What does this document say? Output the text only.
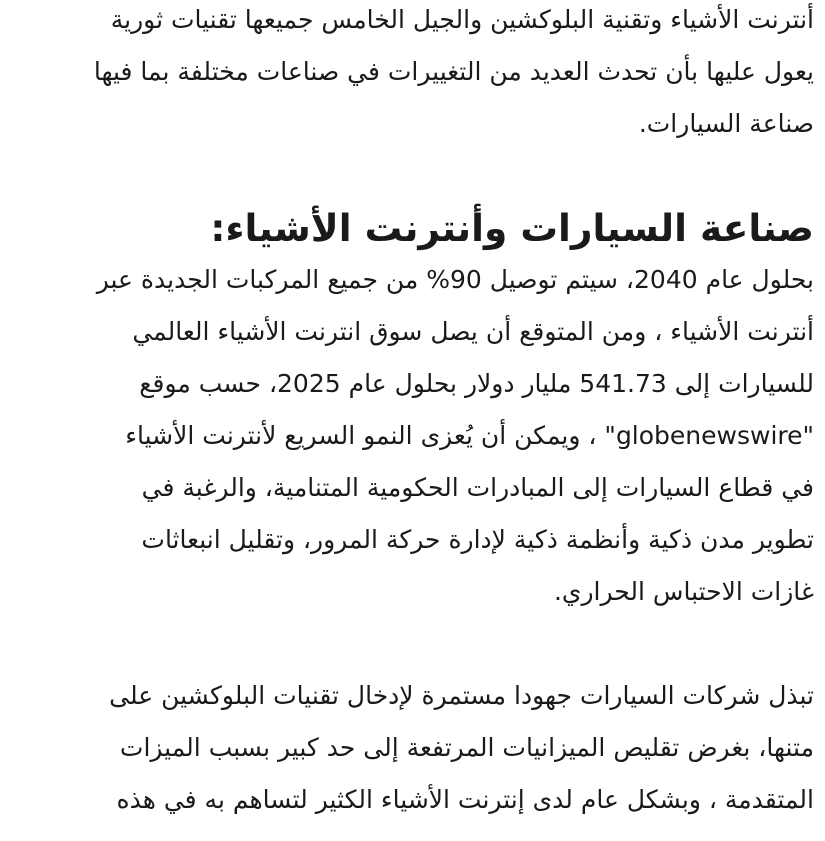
أنترنت الأشياء وتقنية البلوكشين والجيل الخامس جميعها تقنيات ثورية
يعول عليها بأن تحدث العديد من التغييرات في صناعات مختلفة بما فيها
صناعة السيارات.

صناعة السيارات وأنترنت الأشياء:

بحلول عام 2040، سيتم توصيل 90% من جميع المركبات الجديدة عبر
أنترنت الأشياء ، ومن المتوقع أن يصل سوق انترنت الأشياء العالمي
للسيارات إلى 541.73 مليار دولار بحلول عام 2025، حسب موقع
"globenewswire" ، ويمكن أن يُعزى النمو السريع لأنترنت الأشياء
في قطاع السيارات إلى المبادرات الحكومية المتنامية، والرغبة في
تطوير مدن ذكية وأنظمة ذكية لإدارة حركة المرور، وتقليل انبعاثات
غازات الاحتباس الحراري.

تبذل شركات السيارات جهودا مستمرة لإدخال تقنيات البلوكشين على
متنها، بغرض تقليص الميزانيات المرتفعة إلى حد كبير بسبب الميزات
المتقدمة ، وبشكل عام لدى إنترنت الأشياء الكثير لتساهم به في هذه
